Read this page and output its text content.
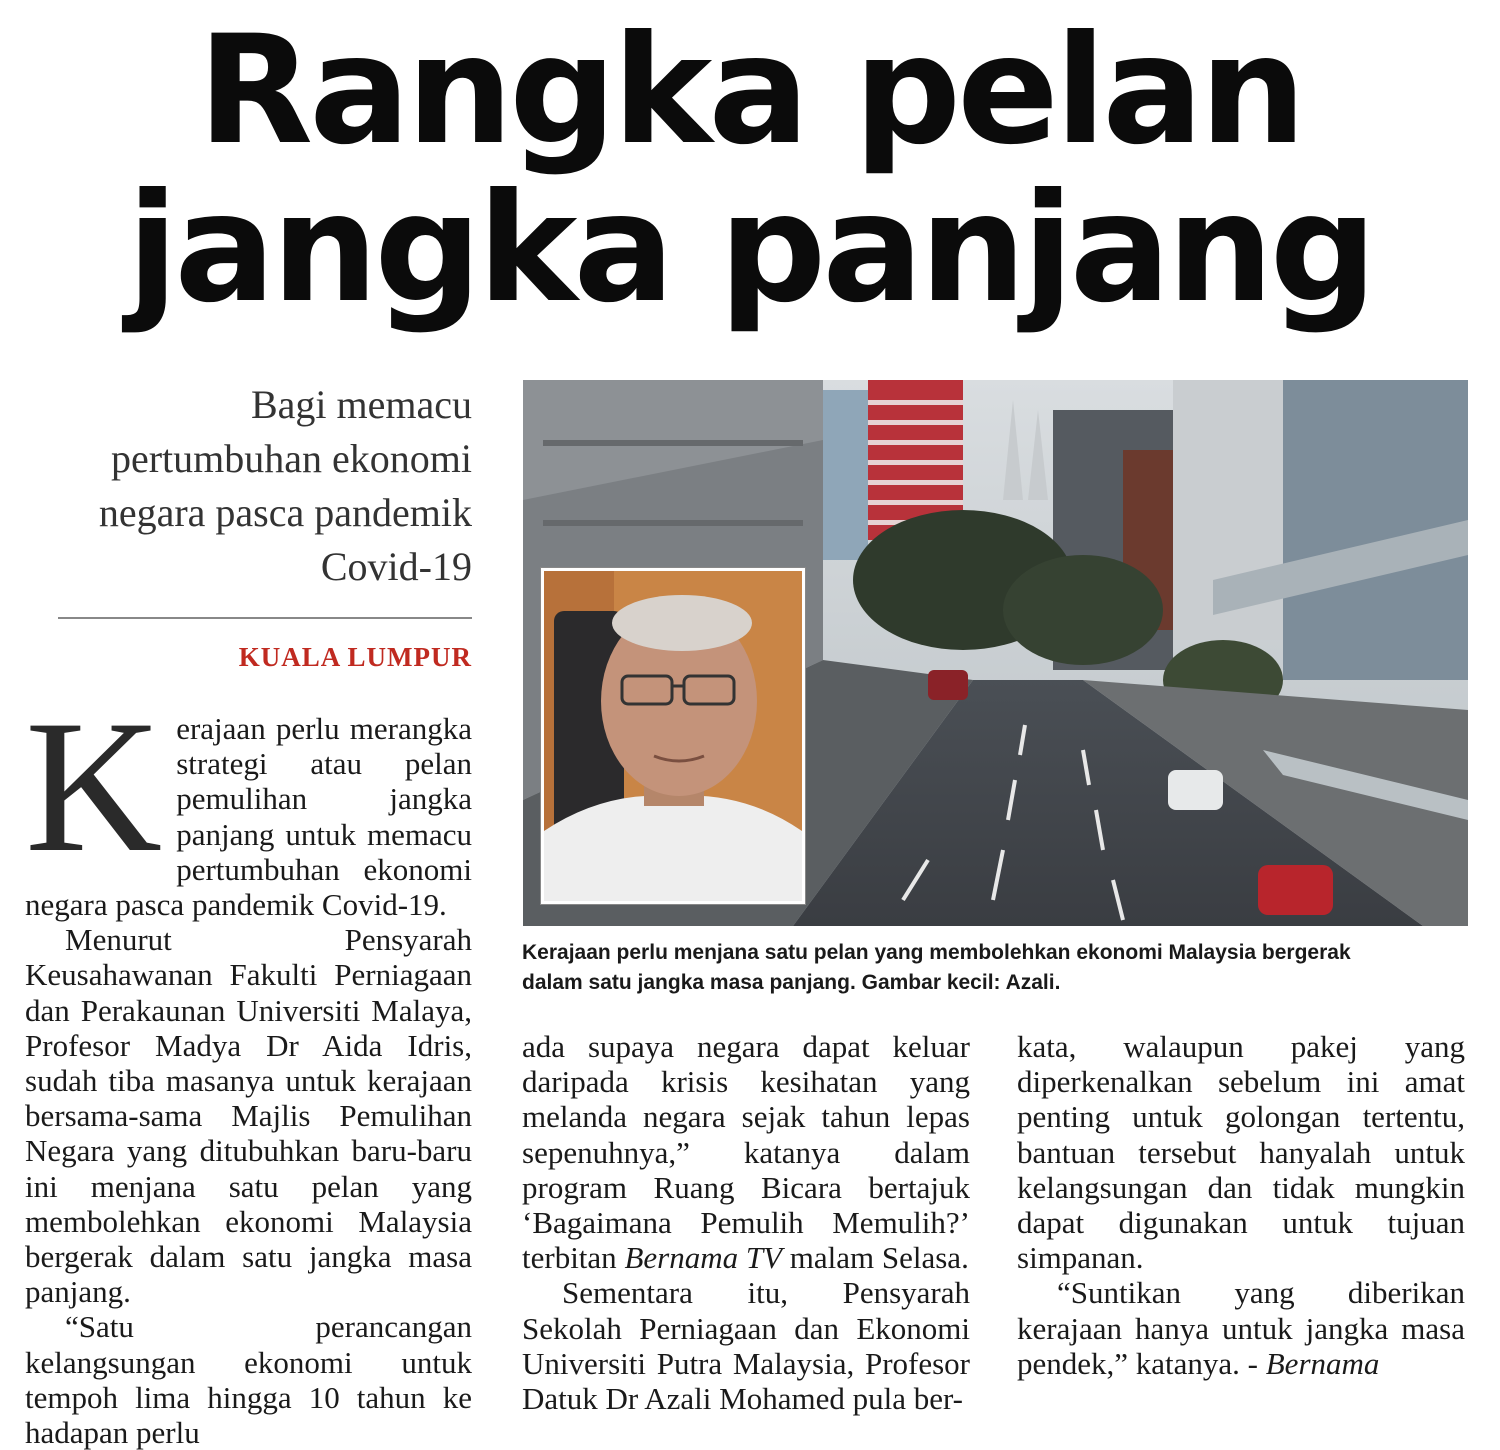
Rangka pelan
jangka panjang
Bagi memacu
pertumbuhan ekonomi
negara pasca pandemik
Covid-19
KUALA LUMPUR
Kerajaan perlu menjana satu pelan yang membolehkan ekonomi Malaysia bergerak
dalam satu jangka masa panjang. Gambar kecil: Azali.

K erajaan perlu merangka strategi atau pelan pemulihan jangka panjang untuk memacu pertumbuhan ekonomi negara pasca pandemik Covid-19.

Menurut Pensyarah Keusahawanan Fakulti Perniagaan dan Perakaunan Universiti Malaya, Profesor Madya Dr Aida Idris, sudah tiba masanya untuk kerajaan bersama-sama Majlis Pemulihan Negara yang ditubuhkan baru-baru ini menjana satu pelan yang membolehkan ekonomi Malaysia bergerak dalam satu jangka masa panjang.

“Satu perancangan kelangsungan ekonomi untuk tempoh lima hingga 10 tahun ke hadapan perlu

ada supaya negara dapat keluar daripada krisis kesihatan yang melanda negara sejak tahun lepas sepenuhnya,” katanya dalam program Ruang Bicara bertajuk ‘Bagaimana Pemulih Memulih?’ terbitan Bernama TV malam Selasa.

Sementara itu, Pensyarah Sekolah Perniagaan dan Ekonomi Universiti Putra Malaysia, Profesor Datuk Dr Azali Mohamed pula ber-

kata, walaupun pakej yang diperkenalkan sebelum ini amat penting untuk golongan tertentu, bantuan tersebut hanyalah untuk kelangsungan dan tidak mungkin dapat digunakan untuk tujuan simpanan.

“Suntikan yang diberikan kerajaan hanya untuk jangka masa pendek,” katanya. - Bernama
